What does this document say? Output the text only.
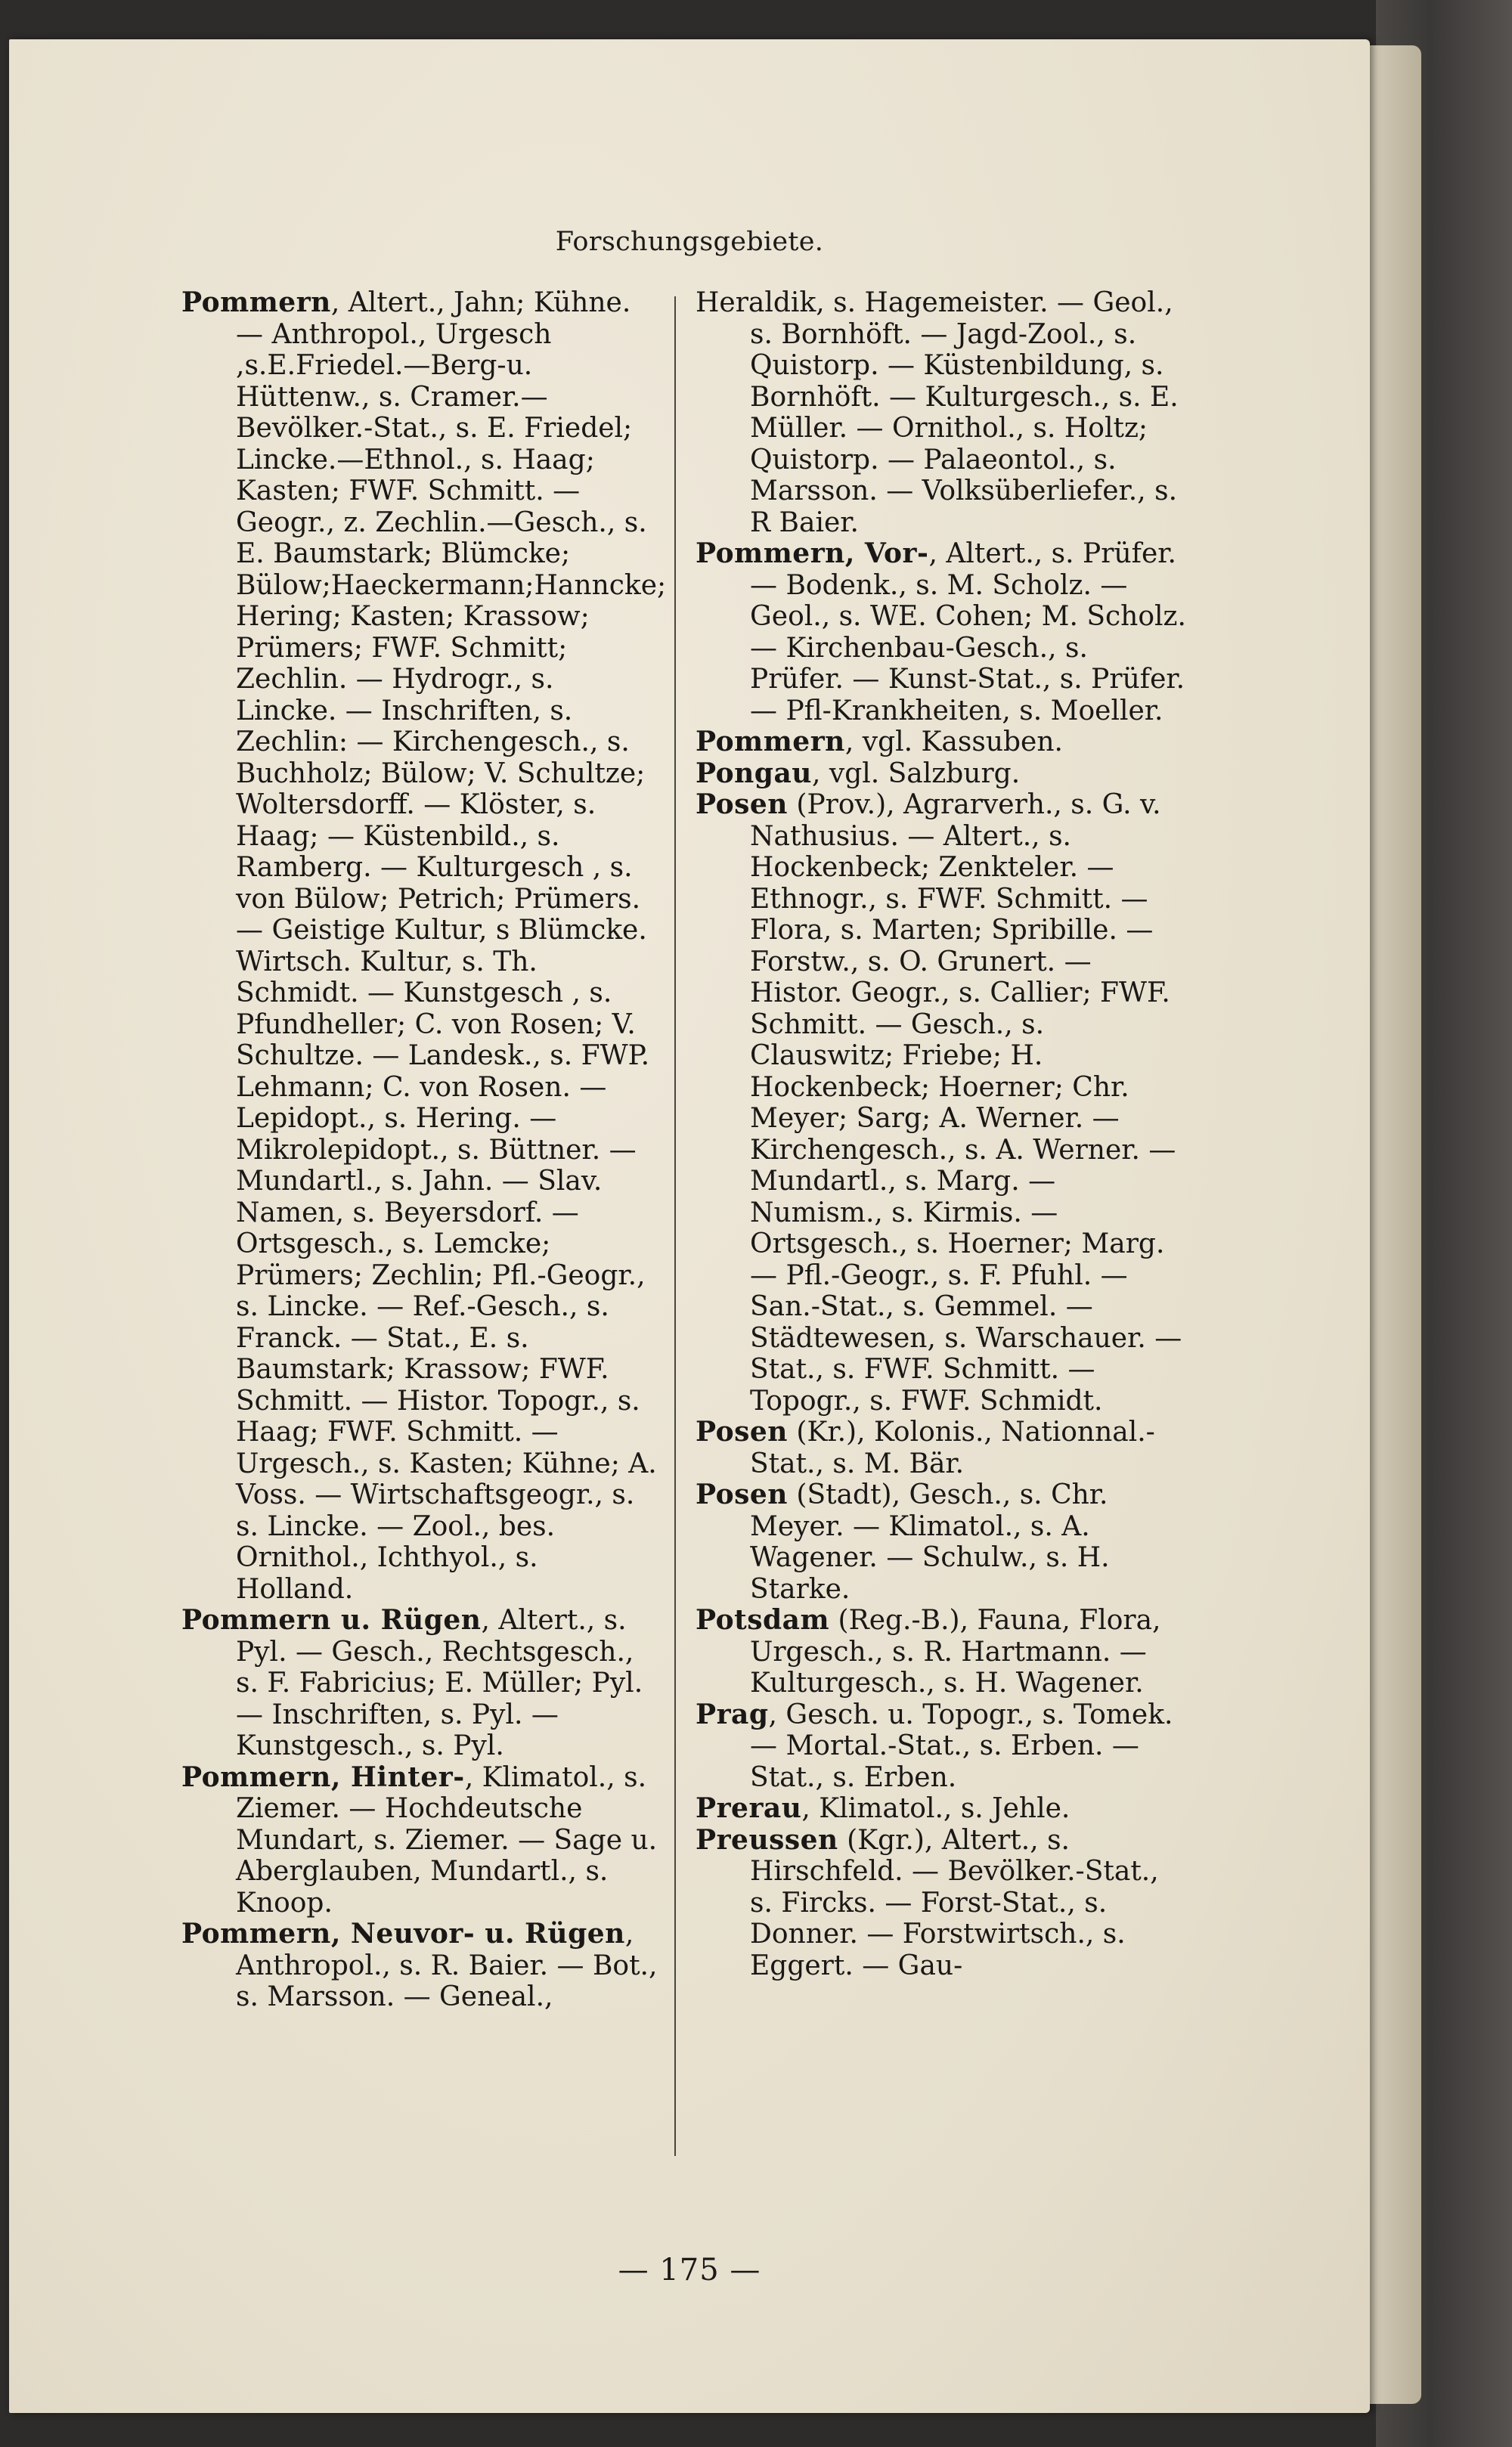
Forschungsgebiete.

Pommern, Altert., Jahn; Kühne. — Anthropol., Urgesch ,s.E.Friedel.—Berg-u. Hüttenw., s. Cramer.—Bevölker.-Stat., s. E. Friedel; Lincke.—Ethnol., s. Haag; Kasten; FWF. Schmitt. — Geogr., z. Zechlin.—Gesch., s. E. Baumstark; Blümcke; Bülow;Haeckermann;Hanncke; Hering; Kasten; Krassow; Prümers; FWF. Schmitt; Zechlin. — Hydrogr., s. Lincke. — Inschriften, s. Zechlin: — Kirchengesch., s. Buchholz; Bülow; V. Schultze; Woltersdorff. — Klöster, s. Haag; — Küstenbild., s. Ramberg. — Kulturgesch , s. von Bülow; Petrich; Prümers. — Geistige Kultur, s Blümcke. Wirtsch. Kultur, s. Th. Schmidt. — Kunstgesch , s. Pfundheller; C. von Rosen; V. Schultze. — Landesk., s. FWP. Lehmann; C. von Rosen. — Lepidopt., s. Hering. — Mikrolepidopt., s. Büttner. — Mundartl., s. Jahn. — Slav. Namen, s. Beyersdorf. — Ortsgesch., s. Lemcke; Prümers; Zechlin; Pfl.-Geogr., s. Lincke. — Ref.-Gesch., s. Franck. — Stat., E. s. Baumstark; Krassow; FWF. Schmitt. — Histor. Topogr., s. Haag; FWF. Schmitt. — Urgesch., s. Kasten; Kühne; A. Voss. — Wirtschaftsgeogr., s. s. Lincke. — Zool., bes. Ornithol., Ichthyol., s. Holland.

Pommern u. Rügen, Altert., s. Pyl. — Gesch., Rechtsgesch., s. F. Fabricius; E. Müller; Pyl. — Inschriften, s. Pyl. — Kunstgesch., s. Pyl.

Pommern, Hinter-, Klimatol., s. Ziemer. — Hochdeutsche Mundart, s. Ziemer. — Sage u. Aberglauben, Mundartl., s. Knoop.

Pommern, Neuvor- u. Rügen, Anthropol., s. R. Baier. — Bot., s. Marsson. — Geneal.,

Heraldik, s. Hagemeister. — Geol., s. Bornhöft. — Jagd-Zool., s. Quistorp. — Küstenbildung, s. Bornhöft. — Kulturgesch., s. E. Müller. — Ornithol., s. Holtz; Quistorp. — Palaeontol., s. Marsson. — Volksüberliefer., s. R Baier.

Pommern, Vor-, Altert., s. Prüfer. — Bodenk., s. M. Scholz. — Geol., s. WE. Cohen; M. Scholz. — Kirchenbau-Gesch., s. Prüfer. — Kunst-Stat., s. Prüfer. — Pfl-Krankheiten, s. Moeller.

Pommern, vgl. Kassuben.

Pongau, vgl. Salzburg.

Posen (Prov.), Agrarverh., s. G. v. Nathusius. — Altert., s. Hockenbeck; Zenkteler. — Ethnogr., s. FWF. Schmitt. — Flora, s. Marten; Spribille. — Forstw., s. O. Grunert. — Histor. Geogr., s. Callier; FWF. Schmitt. — Gesch., s. Clauswitz; Friebe; H. Hockenbeck; Hoerner; Chr. Meyer; Sarg; A. Werner. — Kirchengesch., s. A. Werner. — Mundartl., s. Marg. — Numism., s. Kirmis. — Ortsgesch., s. Hoerner; Marg. — Pfl.-Geogr., s. F. Pfuhl. — San.-Stat., s. Gemmel. — Städtewesen, s. Warschauer. — Stat., s. FWF. Schmitt. — Topogr., s. FWF. Schmidt.

Posen (Kr.), Kolonis., Nationnal.-Stat., s. M. Bär.

Posen (Stadt), Gesch., s. Chr. Meyer. — Klimatol., s. A. Wagener. — Schulw., s. H. Starke.

Potsdam (Reg.-B.), Fauna, Flora, Urgesch., s. R. Hartmann. — Kulturgesch., s. H. Wagener.

Prag, Gesch. u. Topogr., s. Tomek. — Mortal.-Stat., s. Erben. — Stat., s. Erben.

Prerau, Klimatol., s. Jehle.

Preussen (Kgr.), Altert., s. Hirschfeld. — Bevölker.-Stat., s. Fircks. — Forst-Stat., s. Donner. — Forstwirtsch., s. Eggert. — Gau-

— 175 —
